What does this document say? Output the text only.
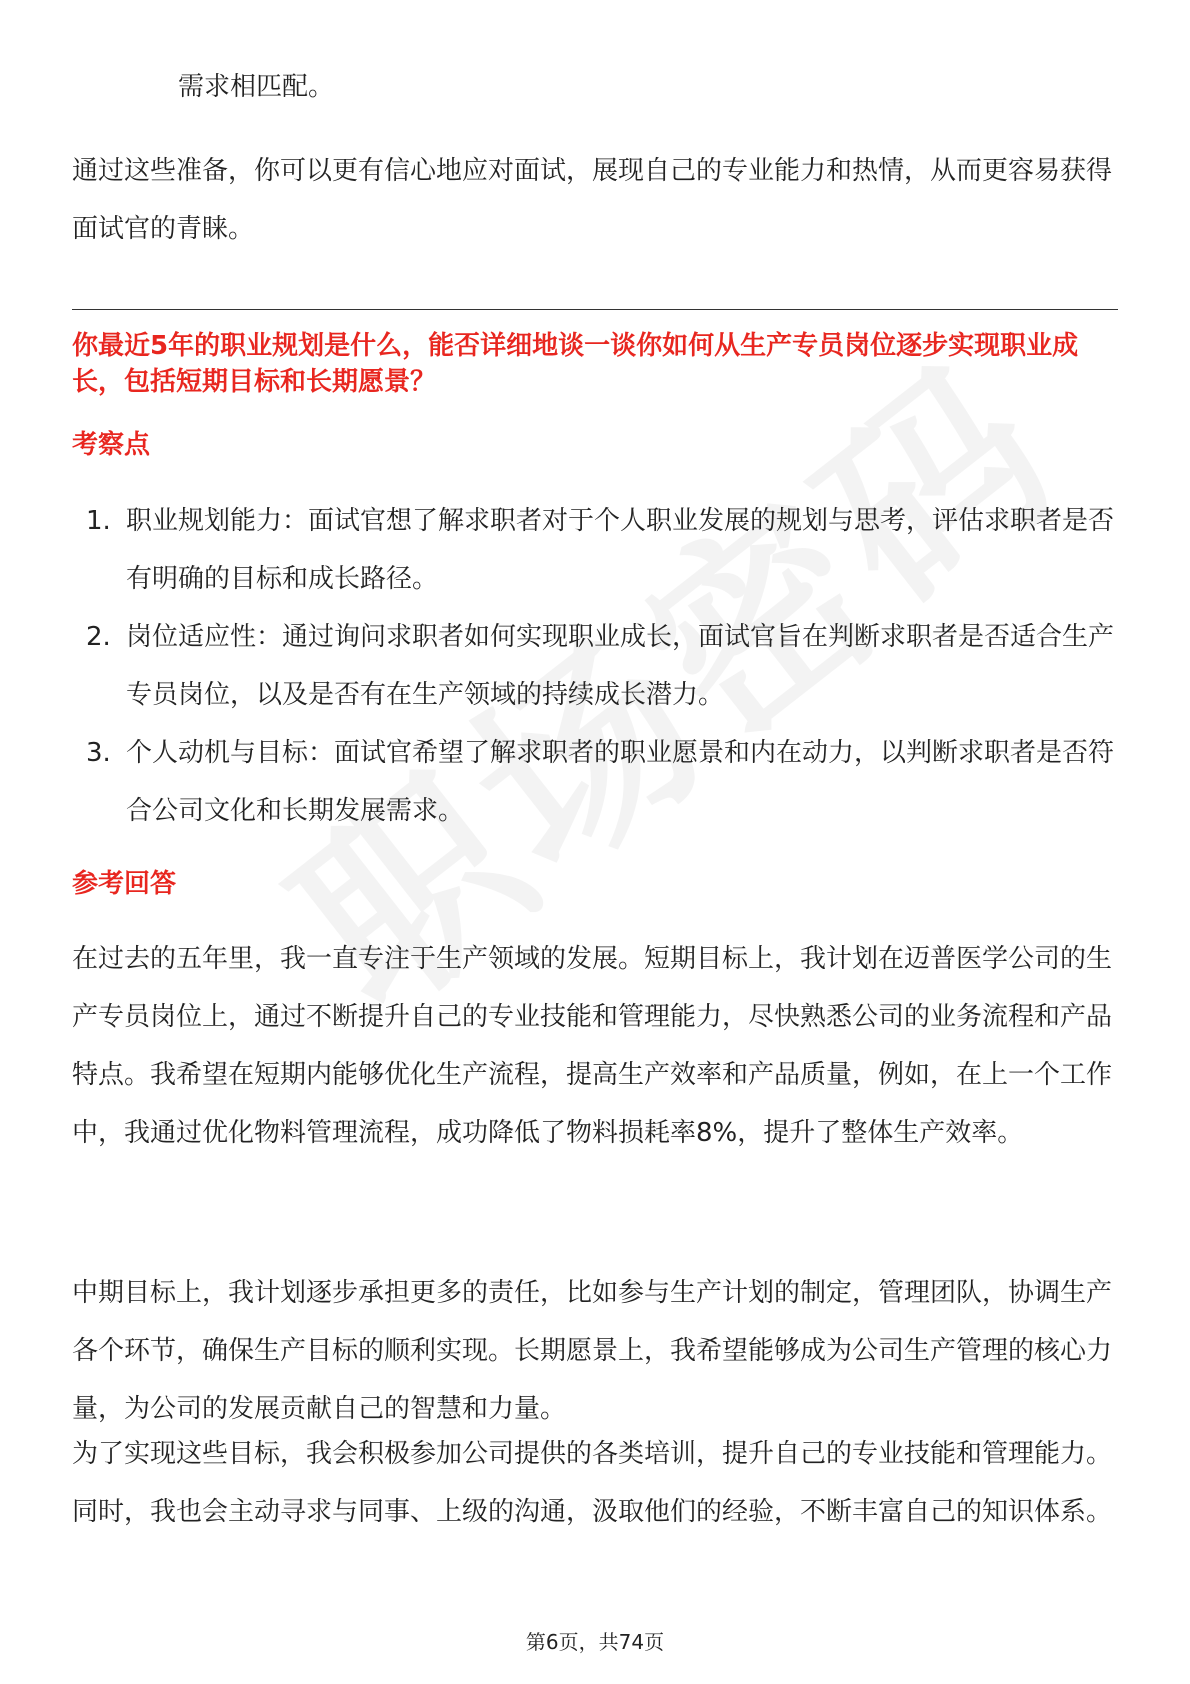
需求相匹配。

通过这些准备，你可以更有信心地应对面试，展现自己的专业能力和热情，从而更容易获得面试官的青睐。

你最近5年的职业规划是什么，能否详细地谈一谈你如何从生产专员岗位逐步实现职业成长，包括短期目标和长期愿景？
考察点
1. 职业规划能力：面试官想了解求职者对于个人职业发展的规划与思考，评估求职者是否有明确的目标和成长路径。
2. 岗位适应性：通过询问求职者如何实现职业成长，面试官旨在判断求职者是否适合生产专员岗位，以及是否有在生产领域的持续成长潜力。
3. 个人动机与目标：面试官希望了解求职者的职业愿景和内在动力，以判断求职者是否符合公司文化和长期发展需求。
参考回答

在过去的五年里，我一直专注于生产领域的发展。短期目标上，我计划在迈普医学公司的生产专员岗位上，通过不断提升自己的专业技能和管理能力，尽快熟悉公司的业务流程和产品特点。我希望在短期内能够优化生产流程，提高生产效率和产品质量，例如，在上一个工作中，我通过优化物料管理流程，成功降低了物料损耗率8%，提升了整体生产效率。

中期目标上，我计划逐步承担更多的责任，比如参与生产计划的制定，管理团队，协调生产各个环节，确保生产目标的顺利实现。长期愿景上，我希望能够成为公司生产管理的核心力量，为公司的发展贡献自己的智慧和力量。

为了实现这些目标，我会积极参加公司提供的各类培训，提升自己的专业技能和管理能力。同时，我也会主动寻求与同事、上级的沟通，汲取他们的经验，不断丰富自己的知识体系。

第6页，共74页
